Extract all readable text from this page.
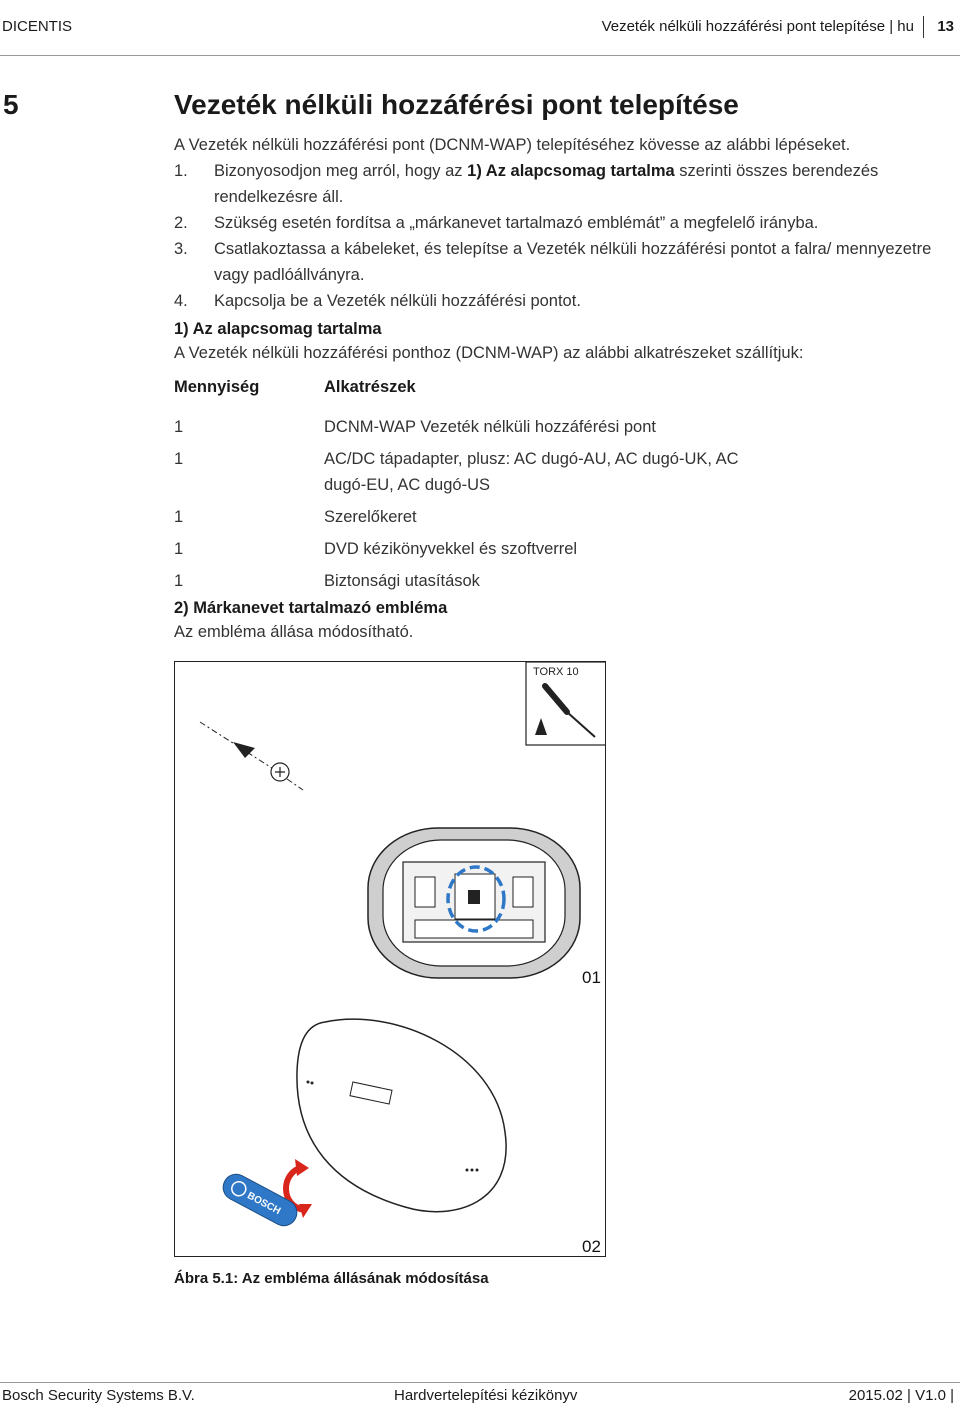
DICENTIS	Vezeték nélküli hozzáférési pont telepítése | hu 13
5	Vezeték nélküli hozzáférési pont telepítése
A Vezeték nélküli hozzáférési pont (DCNM-WAP) telepítéséhez kövesse az alábbi lépéseket.
1. Bizonyosodjon meg arról, hogy az 1) Az alapcsomag tartalma szerinti összes berendezés rendelkezésre áll.
2. Szükség esetén fordítsa a „márkanevet tartalmazó emblémát” a megfelelő irányba.
3. Csatlakoztassa a kábeleket, és telepítse a Vezeték nélküli hozzáférési pontot a falra/ mennyezetre vagy padlóállványra.
4. Kapcsolja be a Vezeték nélküli hozzáférési pontot.
1) Az alapcsomag tartalma
A Vezeték nélküli hozzáférési ponthoz (DCNM-WAP) az alábbi alkatrészeket szállítjuk:
Mennyiség	Alkatrészek
1	DCNM-WAP Vezeték nélküli hozzáférési pont
1	AC/DC tápadapter, plusz: AC dugó-AU, AC dugó-UK, AC dugó-EU, AC dugó-US
1	Szerelőkeret
1	DVD kézikönyvekkel és szoftverrel
1	Biztonsági utasítások
2) Márkanevet tartalmazó embléma
Az embléma állása módosítható.
TORX 10
01
BOSCH
02
Ábra 5.1: Az embléma állásának módosítása
Bosch Security Systems B.V.	Hardvertelepítési kézikönyv	2015.02 | V1.0 |
